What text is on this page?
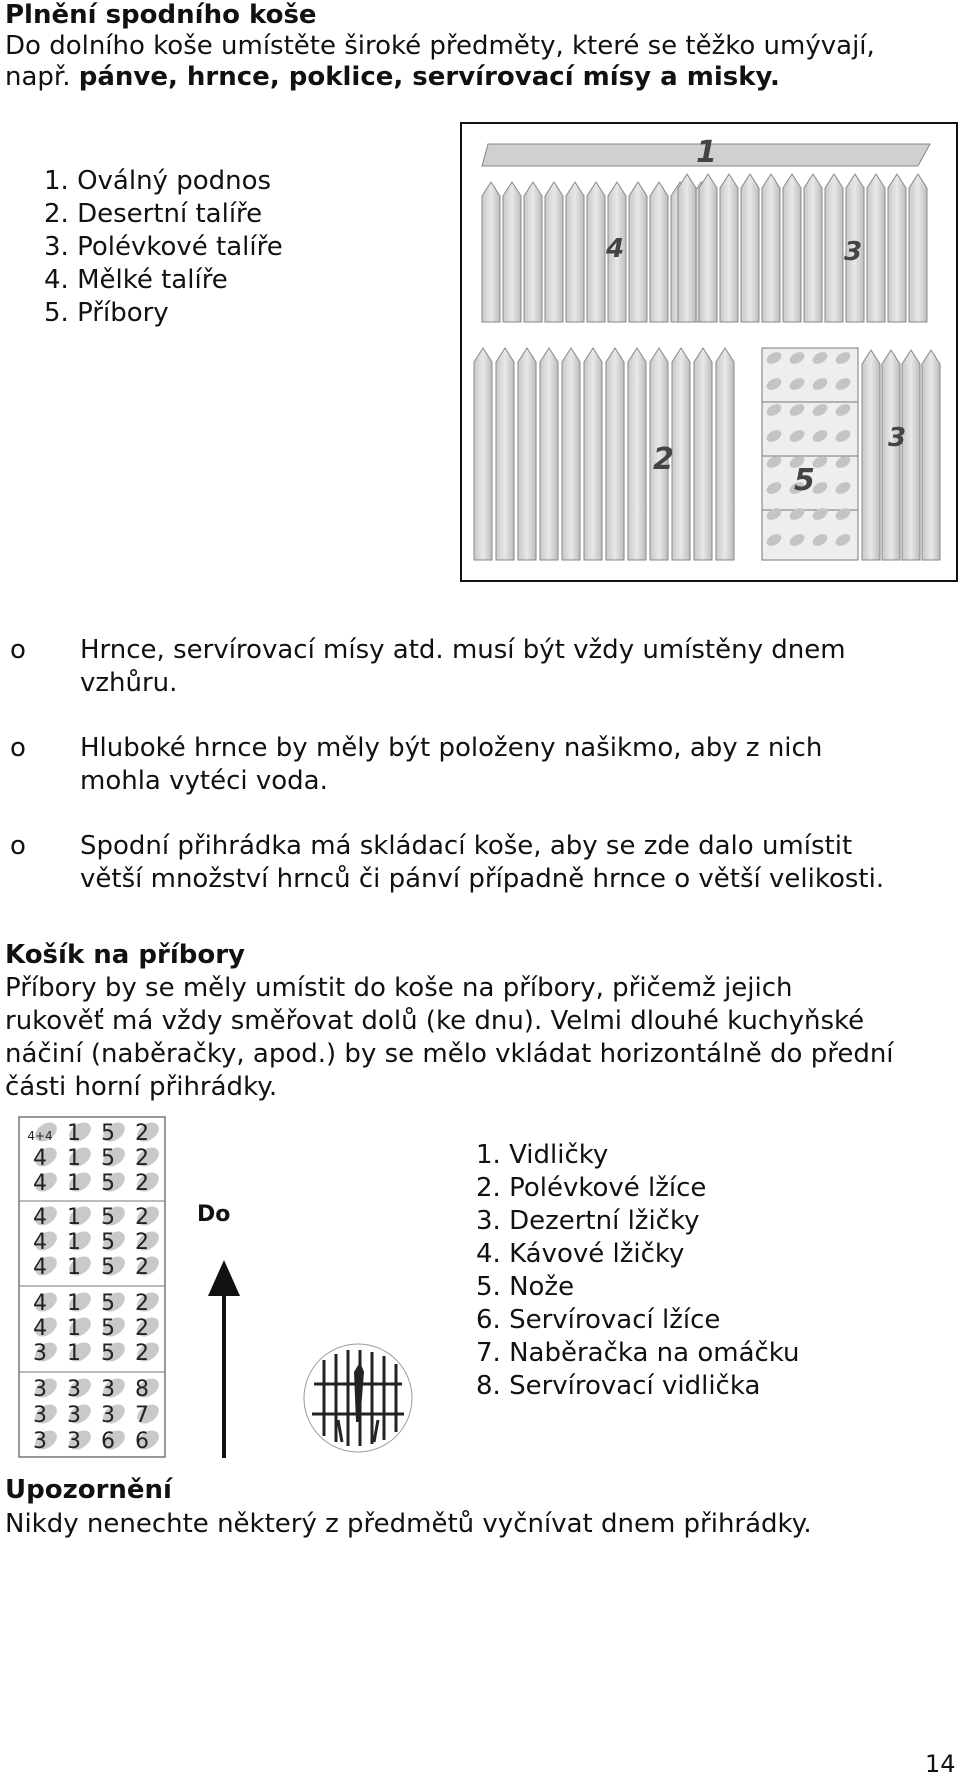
Plnění spodního koše
Do dolního koše umístěte široké předměty, které se těžko umývají,
např. pánve, hrnce, poklice, servírovací mísy a misky.
1. Oválný podnos
2. Desertní talíře
3. Polévkové talíře
4. Mělké talíře
5. Příbory
1
4	3
2
5
3
o	Hrnce, servírovací mísy atd. musí být vždy umístěny dnem
vzhůru.
o	Hluboké hrnce by měly být položeny našikmo, aby z nich
mohla vytéci voda.
o	Spodní přihrádka má skládací koše, aby se zde dalo umístit
větší množství hrnců či pánví případně hrnce o větší velikosti.
Košík na příbory
Příbory by se měly umístit do koše na příbory, přičemž jejich
rukověť má vždy směřovat dolů (ke dnu). Velmi dlouhé kuchyňské
náčiní (naběračky, apod.) by se mělo vkládat horizontálně do přední
části horní přihrádky.
4+4 1 5 2
4 1 5 2
4 1 5 2
4 1 5 2
4 1 5 2
4 1 5 2
4 1 5 2
4 1 5 2
3 1 5 2
3 3 3 8
3 3 3 7
3 3 6 6
Do
1. Vidličky
2. Polévkové lžíce
3. Dezertní lžičky
4. Kávové lžičky
5. Nože
6. Servírovací lžíce
7. Naběračka na omáčku
8. Servírovací vidlička
Upozornění
Nikdy nenechte některý z předmětů vyčnívat dnem přihrádky.
14
